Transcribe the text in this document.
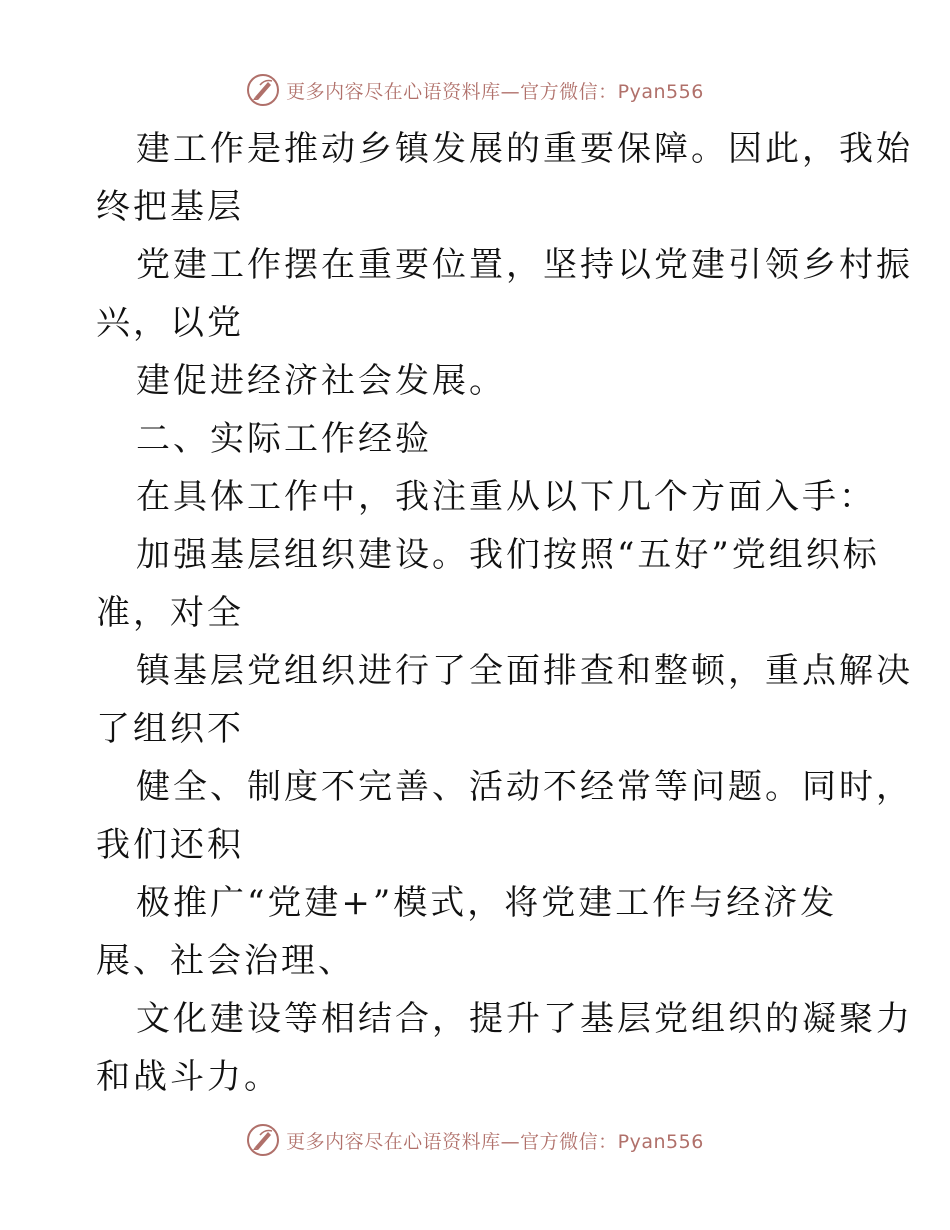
更多内容尽在心语资料库—官方微信：Pyan556
建工作是推动乡镇发展的重要保障。因此，我始
终把基层
党建工作摆在重要位置，坚持以党建引领乡村振
兴，以党
建促进经济社会发展。
二、实际工作经验
在具体工作中，我注重从以下几个方面入手：
加强基层组织建设。我们按照“五好”党组织标
准，对全
镇基层党组织进行了全面排查和整顿，重点解决
了组织不
健全、制度不完善、活动不经常等问题。同时，
我们还积
极推广“党建+”模式，将党建工作与经济发
展、社会治理、
文化建设等相结合，提升了基层党组织的凝聚力
和战斗力。
更多内容尽在心语资料库—官方微信：Pyan556
